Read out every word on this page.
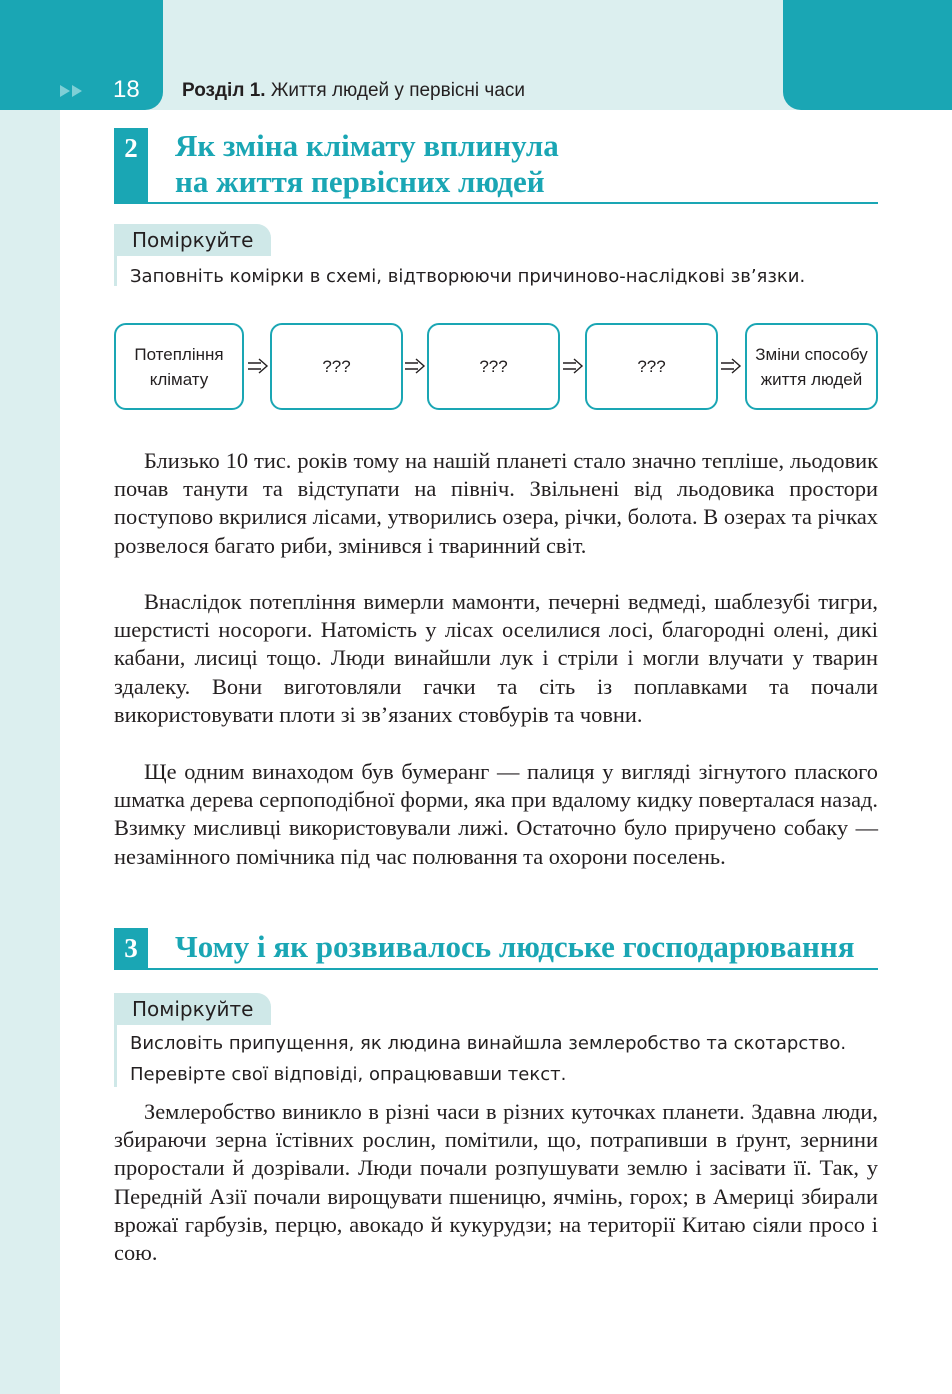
18 Розділ 1. Життя людей у первісні часи
2	Як зміна клімату вплинула
на життя первісних людей
Поміркуйте
Заповніть комірки в схемі, відтворюючи причиново-наслідкові зв’язки.
Потепління
клімату
???	???	???
Зміни способу
життя людей

Близько 10 тис. років тому на нашій планеті стало значно тепліше, льодовик почав танути та відступати на північ. Звільнені від льодовика простори поступово вкрилися лісами, утворились озера, річки, болота. В озерах та річках розвелося багато риби, змінився і тваринний світ.

Внаслідок потепління вимерли мамонти, печерні ведмеді, шаблезубі тигри, шерстисті носороги. Натомість у лісах оселилися лосі, благородні олені, дикі кабани, лисиці тощо. Люди винайшли лук і стріли і могли влучати у тварин здалеку. Вони виготовляли гачки та сіть із поплавками та почали використовувати плоти зі зв’язаних стовбурів та човни.

Ще одним винаходом був бумеранг — палиця у вигляді зігнутого плаского шматка дерева серпоподібної форми, яка при вдалому кидку поверталася назад. Взимку мисливці використовували лижі. Остаточно було приручено собаку — незамінного помічника під час полювання та охорони поселень.

3	Чому і як розвивалось людське господарювання
Поміркуйте
Висловіть припущення, як людина винайшла землеробство та скотарство.
Перевірте свої відповіді, опрацювавши текст.

Землеробство виникло в різні часи в різних куточках планети. Здавна люди, збираючи зерна їстівних рослин, помітили, що, потрапивши в ґрунт, зернини проростали й дозрівали. Люди почали розпушувати землю і засівати її. Так, у Передній Азії почали вирощувати пшеницю, ячмінь, горох; в Америці збирали врожаї гарбузів, перцю, авокадо й кукурудзи; на території Китаю сіяли просо і сою.
